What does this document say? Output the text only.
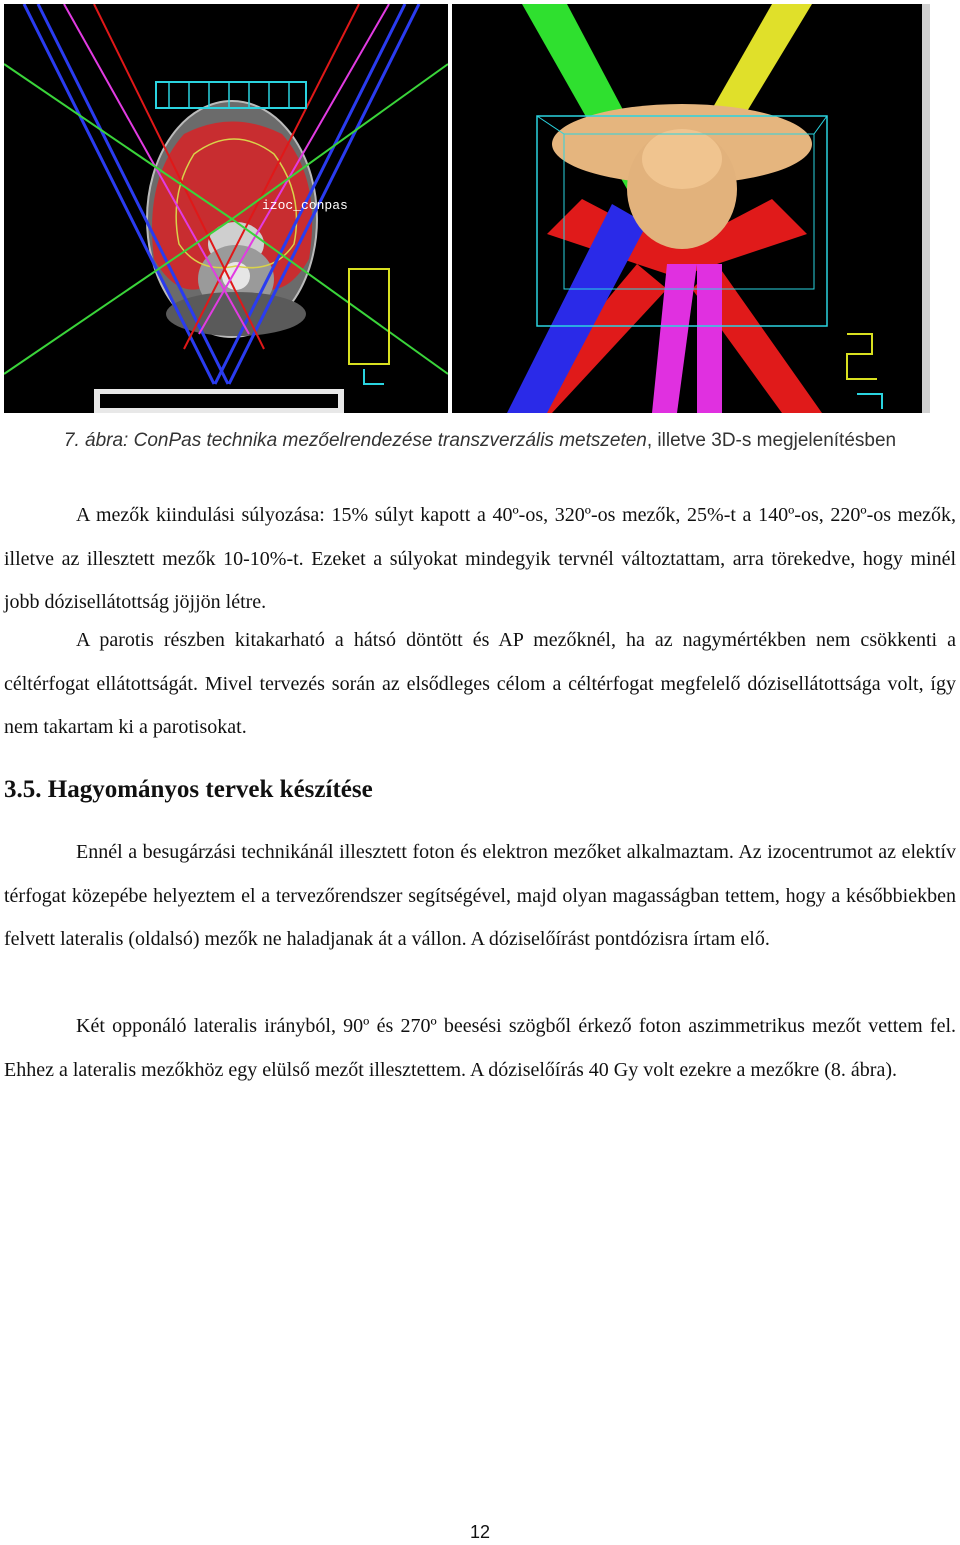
izoc_conpas
7. ábra: ConPas technika mezőelrendezése transzverzális metszeten, illetve 3D-s megjelenítésben

A mezők kiindulási súlyozása: 15% súlyt kapott a 40º-os, 320º-os mezők, 25%-t a 140º-os, 220º-os mezők, illetve az illesztett mezők 10-10%-t. Ezeket a súlyokat mindegyik tervnél változtattam, arra törekedve, hogy minél jobb dózisellátottság jöjjön létre.

A parotis részben kitakarható a hátsó döntött és AP mezőknél, ha az nagymértékben nem csökkenti a céltérfogat ellátottságát. Mivel tervezés során az elsődleges célom a céltérfogat megfelelő dózisellátottsága volt, így nem takartam ki a parotisokat.

3.5. Hagyományos tervek készítése

Ennél a besugárzási technikánál illesztett foton és elektron mezőket alkalmaztam. Az izocentrumot az elektív térfogat közepébe helyeztem el a tervezőrendszer segítségével, majd olyan magasságban tettem, hogy a későbbiekben felvett lateralis (oldalsó) mezők ne haladjanak át a vállon. A dóziselőírást pontdózisra írtam elő.

Két opponáló lateralis irányból, 90º és 270º beesési szögből érkező foton aszimmetrikus mezőt vettem fel. Ehhez a lateralis mezőkhöz egy elülső mezőt illesztettem. A dóziselőírás 40 Gy volt ezekre a mezőkre (8. ábra).

12
